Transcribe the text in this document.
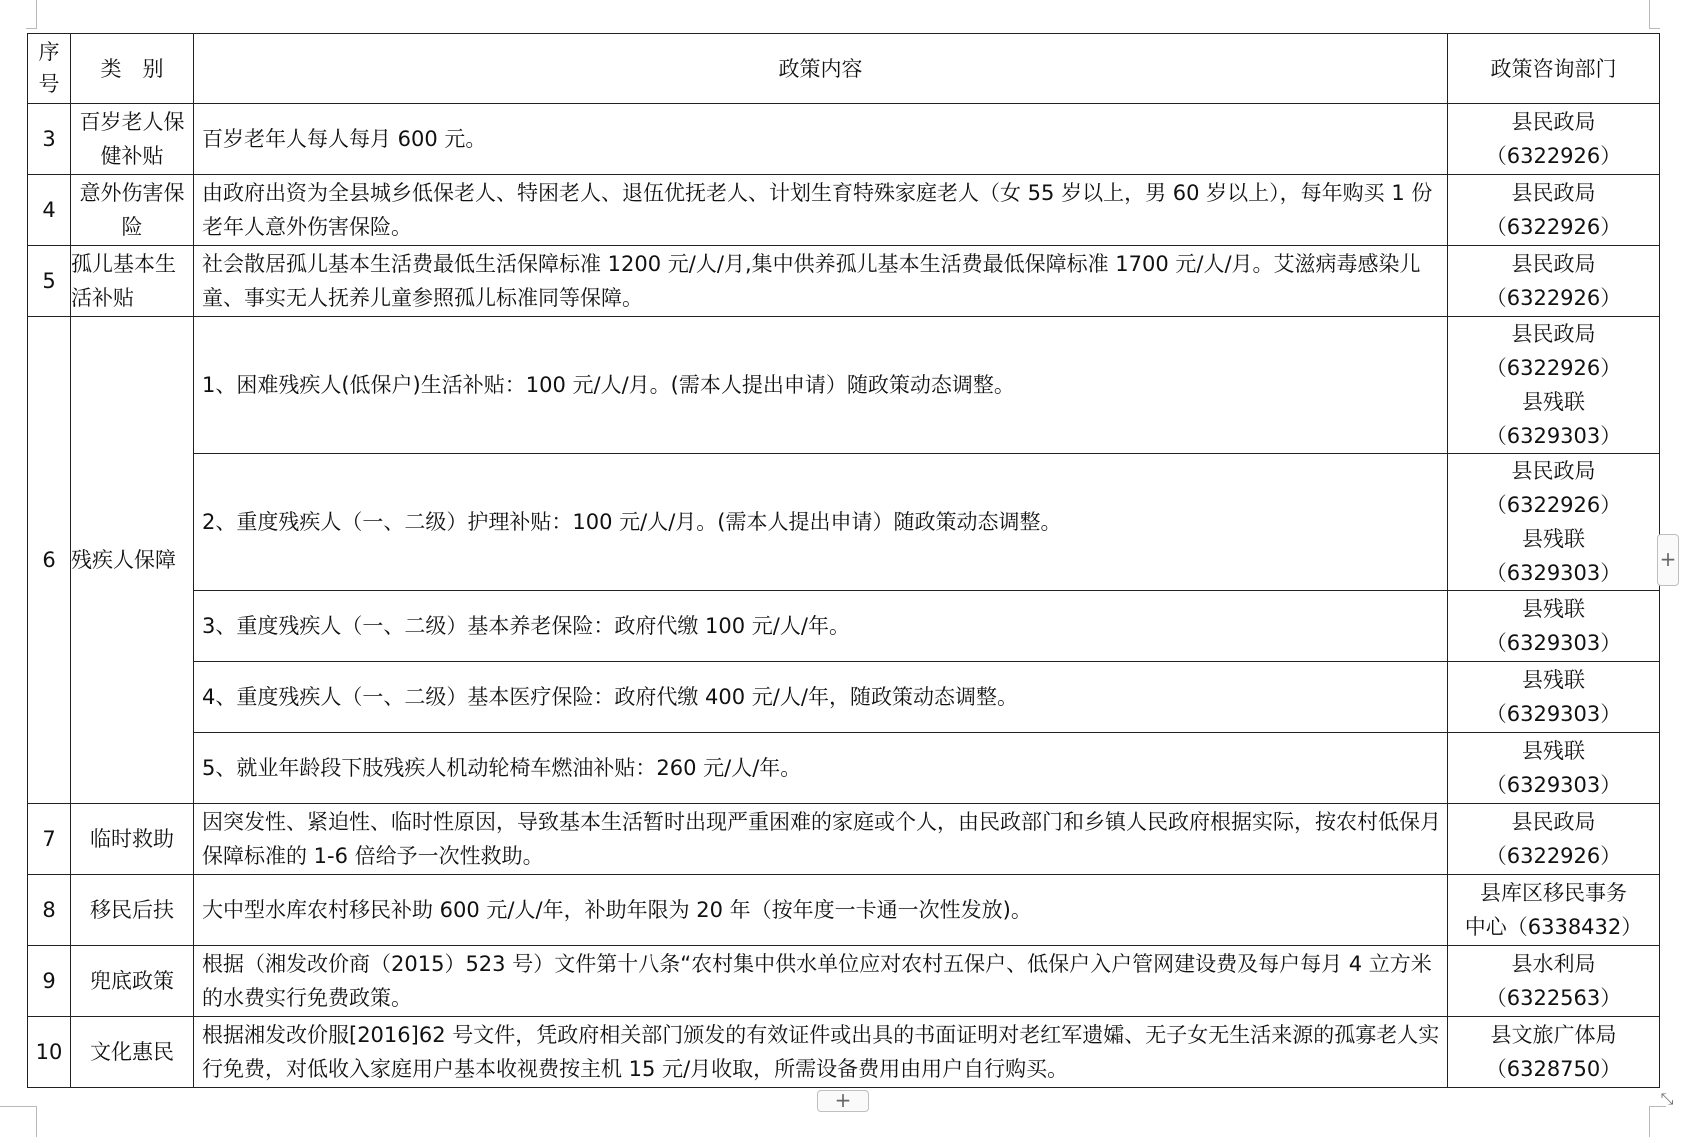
序号	类　别	政策内容	政策咨询部门
3	百岁老人保健补贴	百岁老年人每人每月 600 元。	县民政局
（6322926）

4	意外伤害保险	由政府出资为全县城乡低保老人、特困老人、退伍优抚老人、计划生育特殊家庭老人（女 55 岁以上，男 60 岁以上），每年购买 1 份老年人意外伤害保险。	县民政局
（6322926）

5	孤儿基本生活补贴	社会散居孤儿基本生活费最低生活保障标准 1200 元/人/月,集中供养孤儿基本生活费最低保障标准 1700 元/人/月。艾滋病毒感染儿童、事实无人抚养儿童参照孤儿标准同等保障。	县民政局
（6322926）

6	残疾人保障	1、困难残疾人(低保户)生活补贴：100 元/人/月。(需本人提出申请）随政策动态调整。	县民政局
（6322926）
县残联
（6329303）

		2、重度残疾人（一、二级）护理补贴：100 元/人/月。(需本人提出申请）随政策动态调整。	县民政局
（6322926）
县残联
（6329303）

		3、重度残疾人（一、二级）基本养老保险：政府代缴 100 元/人/年。	县残联
（6329303）

		4、重度残疾人（一、二级）基本医疗保险：政府代缴 400 元/人/年，随政策动态调整。	县残联
（6329303）

		5、就业年龄段下肢残疾人机动轮椅车燃油补贴：260 元/人/年。	县残联
（6329303）

7	临时救助	因突发性、紧迫性、临时性原因，导致基本生活暂时出现严重困难的家庭或个人，由民政部门和乡镇人民政府根据实际，按农村低保月保障标准的 1-6 倍给予一次性救助。	县民政局
（6322926）

8	移民后扶	大中型水库农村移民补助 600 元/人/年，补助年限为 20 年（按年度一卡通一次性发放)。	县库区移民事务
中心（6338432）

9	兜底政策	根据（湘发改价商（2015）523 号）文件第十八条“农村集中供水单位应对农村五保户、低保户入户管网建设费及每户每月 4 立方米的水费实行免费政策。	县水利局
（6322563）

10	文化惠民	根据湘发改价服[2016]62 号文件，凭政府相关部门颁发的有效证件或出具的书面证明对老红军遗孀、无子女无生活来源的孤寡老人实行免费，对低收入家庭用户基本收视费按主机 15 元/月收取，所需设备费用由用户自行购买。	县文旅广体局
（6328750）
+
+	⤡
